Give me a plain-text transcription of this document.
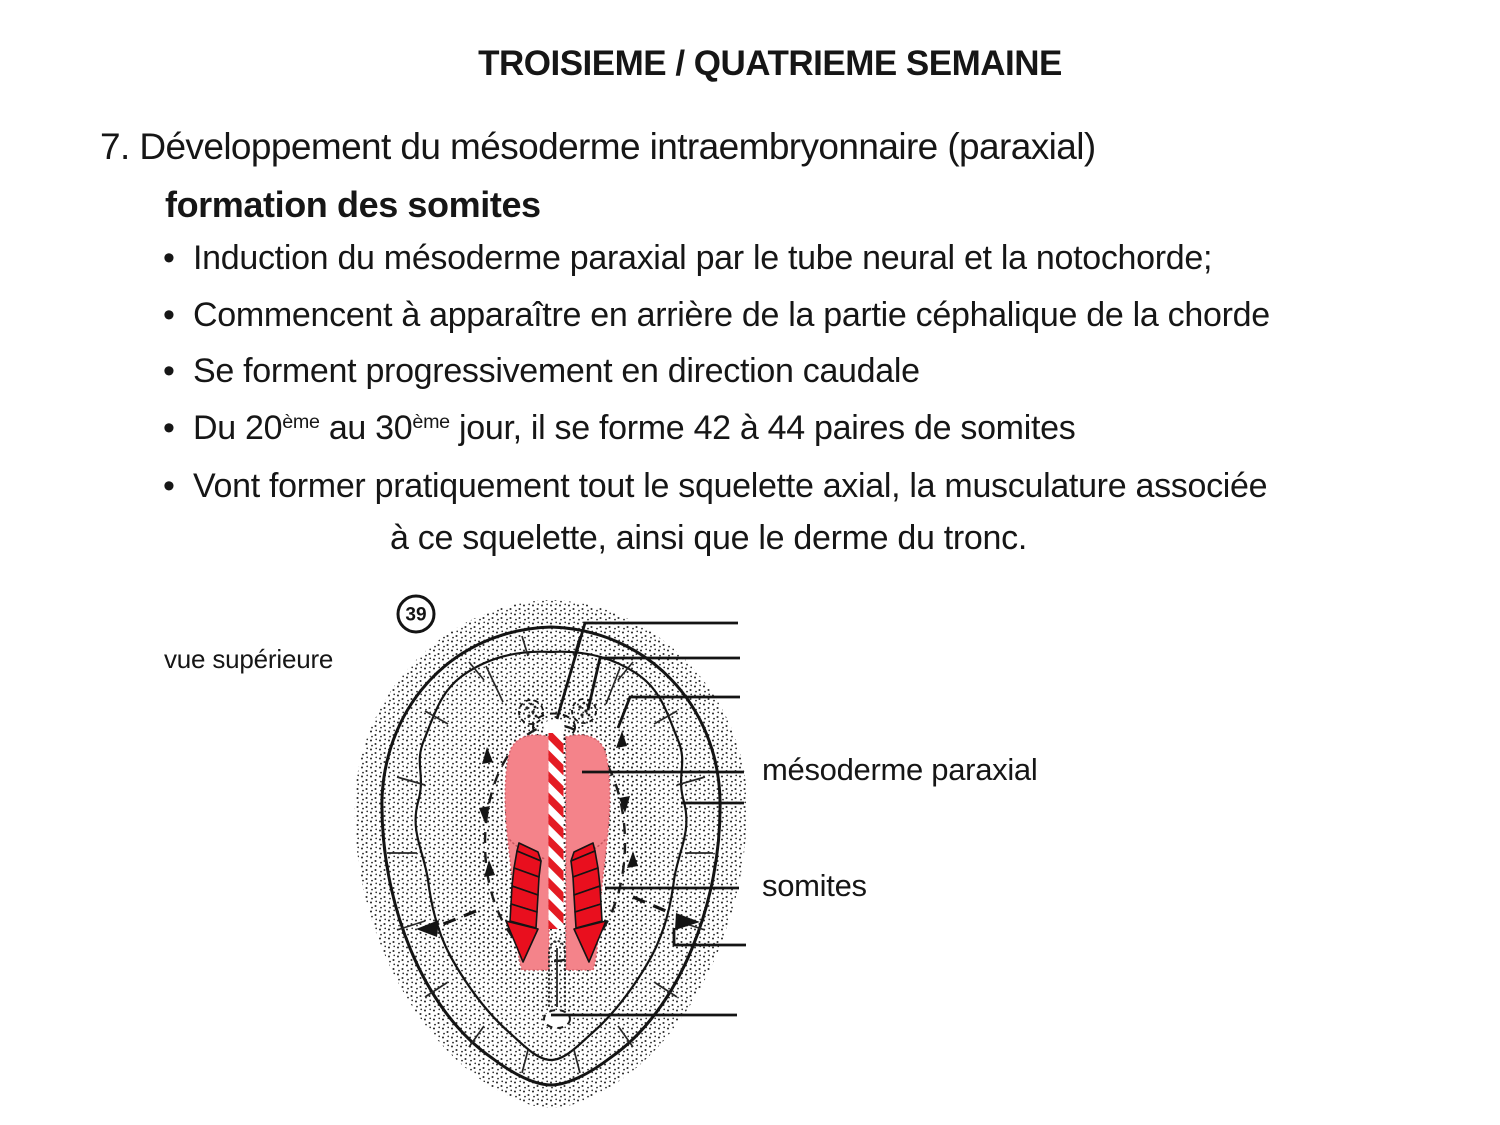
TROISIEME / QUATRIEME SEMAINE
7. Développement du mésoderme intraembryonnaire (paraxial)
formation des somites
• Induction du mésoderme paraxial par le tube neural et la notochorde;
• Commencent à apparaître en arrière de la partie céphalique de la chorde
• Se forment progressivement en direction caudale
• Du 20ème au 30ème jour, il se forme 42 à 44 paires de somites
• Vont former pratiquement tout le squelette axial, la musculature associée
à ce squelette, ainsi que le derme du tronc.
vue supérieure
39
mésoderme paraxial
somites
